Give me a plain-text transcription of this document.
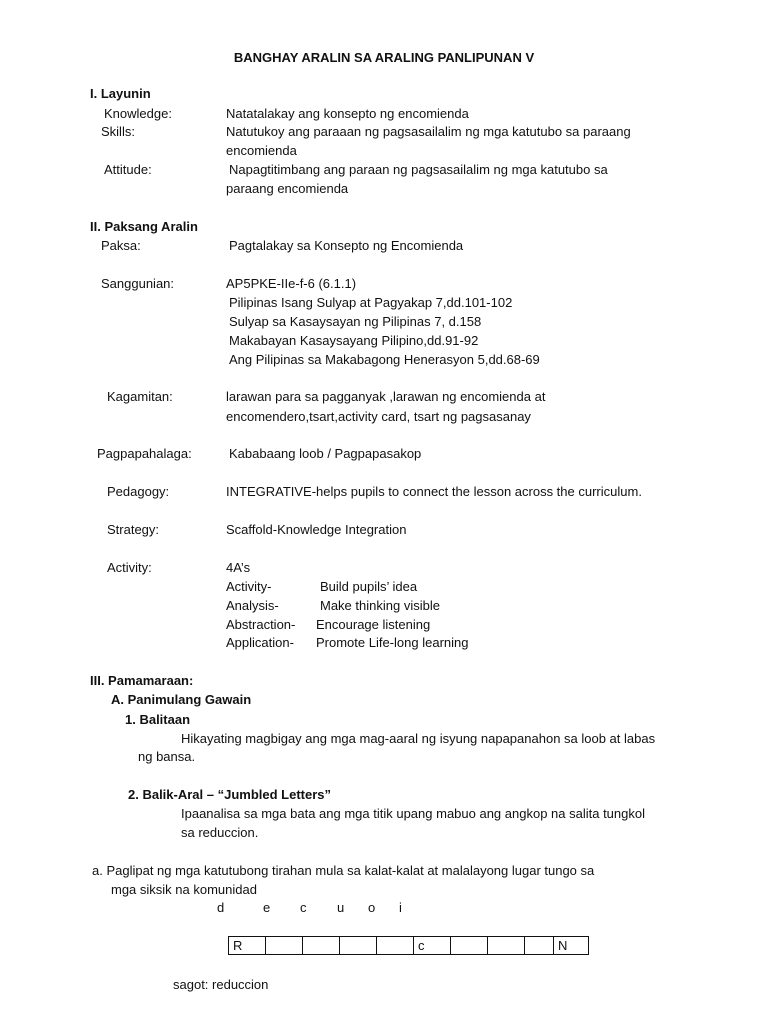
BANGHAY ARALIN SA ARALING PANLIPUNAN V
I. Layunin
Knowledge:	Natatalakay ang konsepto ng encomienda
Skills:	Natutukoy ang paraaan ng pagsasailalim ng mga katutubo sa paraang
encomienda
Attitude:	Napagtitimbang ang paraan ng pagsasailalim ng mga katutubo sa
paraang encomienda
II. Paksang Aralin
Paksa:	Pagtalakay sa Konsepto ng Encomienda
Sanggunian:	AP5PKE-IIe-f-6 (6.1.1)
Pilipinas Isang Sulyap at Pagyakap 7,dd.101-102
Sulyap sa Kasaysayan ng Pilipinas 7, d.158
Makabayan Kasaysayang Pilipino,dd.91-92
Ang Pilipinas sa Makabagong Henerasyon 5,dd.68-69
Kagamitan:	larawan para sa pagganyak ,larawan ng encomienda at
encomendero,tsart,activity card, tsart ng pagsasanay
Pagpapahalaga:	Kababaang loob / Pagpapasakop
Pedagogy:	INTEGRATIVE-helps pupils to connect the lesson across the curriculum.
Strategy:	Scaffold-Knowledge Integration
Activity:	4A’s
Activity-	Build pupils’ idea
Analysis-	Make thinking visible
Abstraction- Encourage listening
Application- Promote Life-long learning
III. Pamamaraan:
A. Panimulang Gawain
1. Balitaan
Hikayating magbigay ang mga mag-aaral ng isyung napapanahon sa loob at labas
ng bansa.
2. Balik-Aral – “Jumbled Letters”
Ipaanalisa sa mga bata ang mga titik upang mabuo ang angkop na salita tungkol
sa reduccion.
a. Paglipat ng mga katutubong tirahan mula sa kalat-kalat at malalayong lugar tungo sa
mga siksik na komunidad
d	e c u o i
R					c				N
sagot: reduccion
